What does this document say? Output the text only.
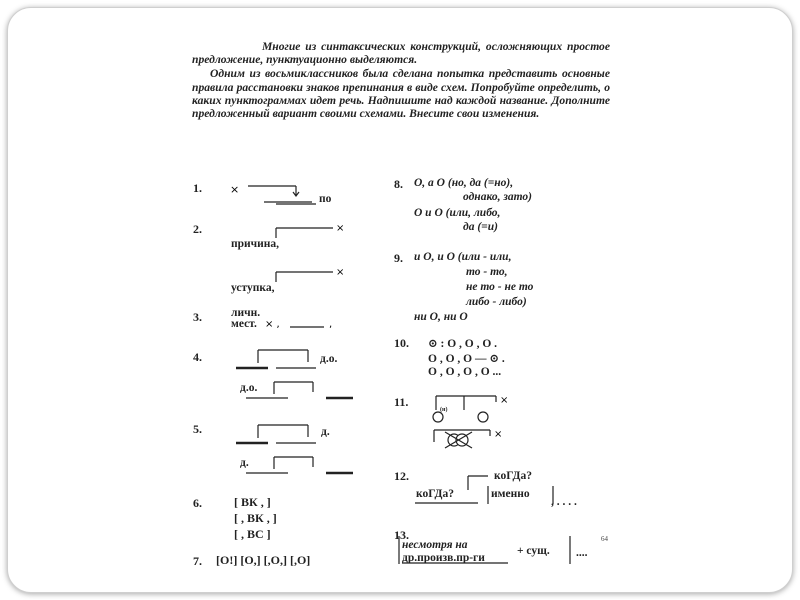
Многие из синтаксических конструкций, осложняющих простое предложение, пунктуационно выделяются.

Одним из восьмиклассников была сделана попытка представить основные правила расстановки знаков препинания в виде схем. Попробуйте определить, о каких пунктограммах идет речь. Надпишите над каждой название. Дополните предложенный вариант своими схемами. Внесите свои изменения.

1.
2.
3.
4.
5.
6.
7.
по
причина,
уступка,
личн.
мест.
д.о.
д.о.
д.
д.
[ ВК , ]
[ , ВК , ]
[ , ВС ]
[О!] [О,] [,О,] [,О]
8.
9.
10.
11.
12.
13.
О, а О (но, да (=но),
однако, зато)
О и О (или, либо,
да (=и)
и О, и О (или - или,
то - то,
не то - не то
либо - либо)
ни О, ни О
⊙ : О , О , О .
О , О , О — ⊙ .
О , О , О , О ...
(н)
коГДа?
коГДа?	именно
, . . . .
несмотря на
др.произв.пр-ги
+ сущ. ....
64
×
×
×
× ,	,
×
×
